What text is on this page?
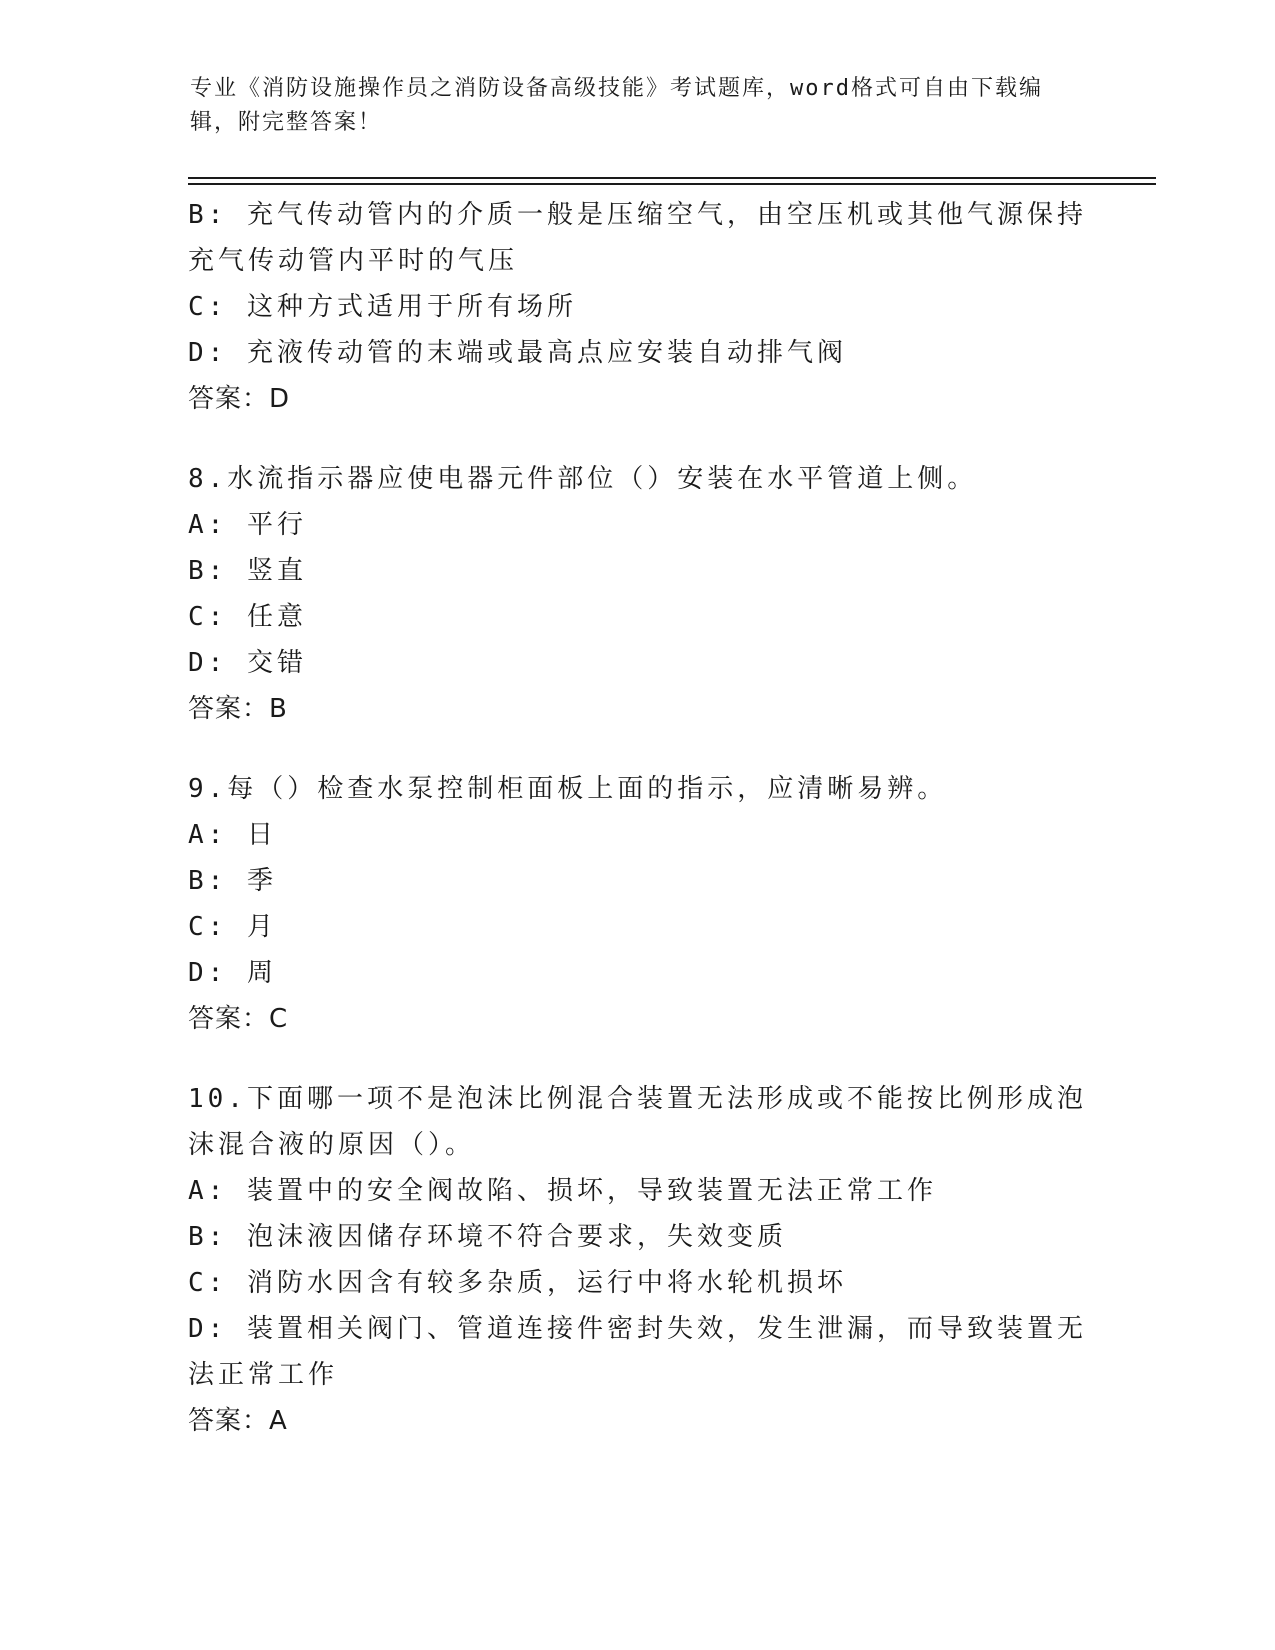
专业《消防设施操作员之消防设备高级技能》考试题库，word格式可自由下载编辑，附完整答案！
B: 充气传动管内的介质一般是压缩空气，由空压机或其他气源保持充气传动管内平时的气压
C: 这种方式适用于所有场所
D: 充液传动管的末端或最高点应安装自动排气阀
答案：D
8.水流指示器应使电器元件部位（）安装在水平管道上侧。
A: 平行
B: 竖直
C: 任意
D: 交错
答案：B
9.每（）检查水泵控制柜面板上面的指示，应清晰易辨。
A: 日
B: 季
C: 月
D: 周
答案：C
10.下面哪一项不是泡沫比例混合装置无法形成或不能按比例形成泡沫混合液的原因（）。
A: 装置中的安全阀故陷、损坏，导致装置无法正常工作
B: 泡沫液因储存环境不符合要求，失效变质
C: 消防水因含有较多杂质，运行中将水轮机损坏
D: 装置相关阀门、管道连接件密封失效，发生泄漏，而导致装置无法正常工作
答案：A
